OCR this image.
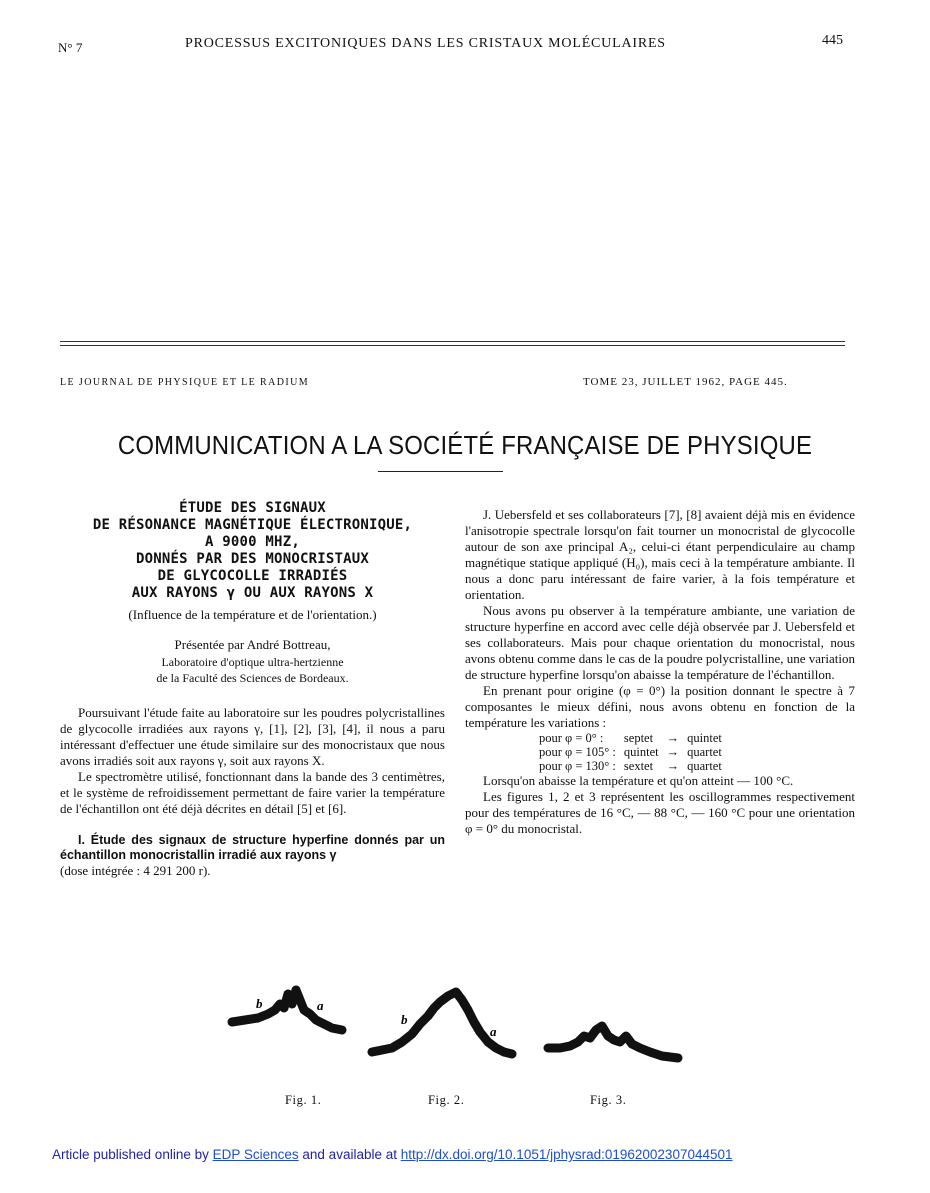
N° 7	PROCESSUS EXCITONIQUES DANS LES CRISTAUX MOLÉCULAIRES	445
LE JOURNAL DE PHYSIQUE ET LE RADIUM	TOME 23, JUILLET 1962, PAGE 445.
COMMUNICATION A LA SOCIÉTÉ FRANÇAISE DE PHYSIQUE
ÉTUDE DES SIGNAUX
DE RÉSONANCE MAGNÉTIQUE ÉLECTRONIQUE,
A 9000 MHZ,
DONNÉS PAR DES MONOCRISTAUX
DE GLYCOCOLLE IRRADIÉS
AUX RAYONS γ OU AUX RAYONS X
(Influence de la température et de l'orientation.)
Présentée par André Bottreau,
Laboratoire d'optique ultra-hertzienne
de la Faculté des Sciences de Bordeaux.

Poursuivant l'étude faite au laboratoire sur les poudres polycristallines de glycocolle irradiées aux rayons γ, [1], [2], [3], [4], il nous a paru intéressant d'effectuer une étude similaire sur des monocristaux que nous avons irradiés soit aux rayons γ, soit aux rayons X.

Le spectromètre utilisé, fonctionnant dans la bande des 3 centimètres, et le système de refroidissement permettant de faire varier la température de l'échantillon ont été déjà décrites en détail [5] et [6].

I. Étude des signaux de structure hyperfine donnés par un échantillon monocristallin irradié aux rayons γ

(dose intégrée : 4 291 200 r).

J. Uebersfeld et ses collaborateurs [7], [8] avaient déjà mis en évidence l'anisotropie spectrale lorsqu'on fait tourner un monocristal de glycocolle autour de son axe principal A₂, celui-ci étant perpendiculaire au champ magnétique statique appliqué (H₀), mais ceci à la température ambiante. Il nous a donc paru intéressant de faire varier, à la fois température et orientation.

Nous avons pu observer à la température ambiante, une variation de structure hyperfine en accord avec celle déjà observée par J. Uebersfeld et ses collaborateurs. Mais pour chaque orientation du monocristal, nous avons obtenu comme dans le cas de la poudre polycristalline, une variation de structure hyperfine lorsqu'on abaisse la température de l'échantillon.

En prenant pour origine (φ = 0°) la position donnant le spectre à 7 composantes le mieux défini, nous avons obtenu en fonction de la température les variations :

pour φ = 0° :	septet	→	quintet
pour φ = 105° :	quintet	→	quartet
pour φ = 130° :	sextet	→	quartet

Lorsqu'on abaisse la température et qu'on atteint — 100 °C.

Les figures 1, 2 et 3 représentent les oscillogrammes respectivement pour des températures de 16 °C, — 88 °C, — 160 °C pour une orientation φ = 0° du monocristal.

b	a
b
a
Fig. 1.	Fig. 2.	Fig. 3.
Article published online by EDP Sciences and available at http://dx.doi.org/10.1051/jphysrad:01962002307044501
